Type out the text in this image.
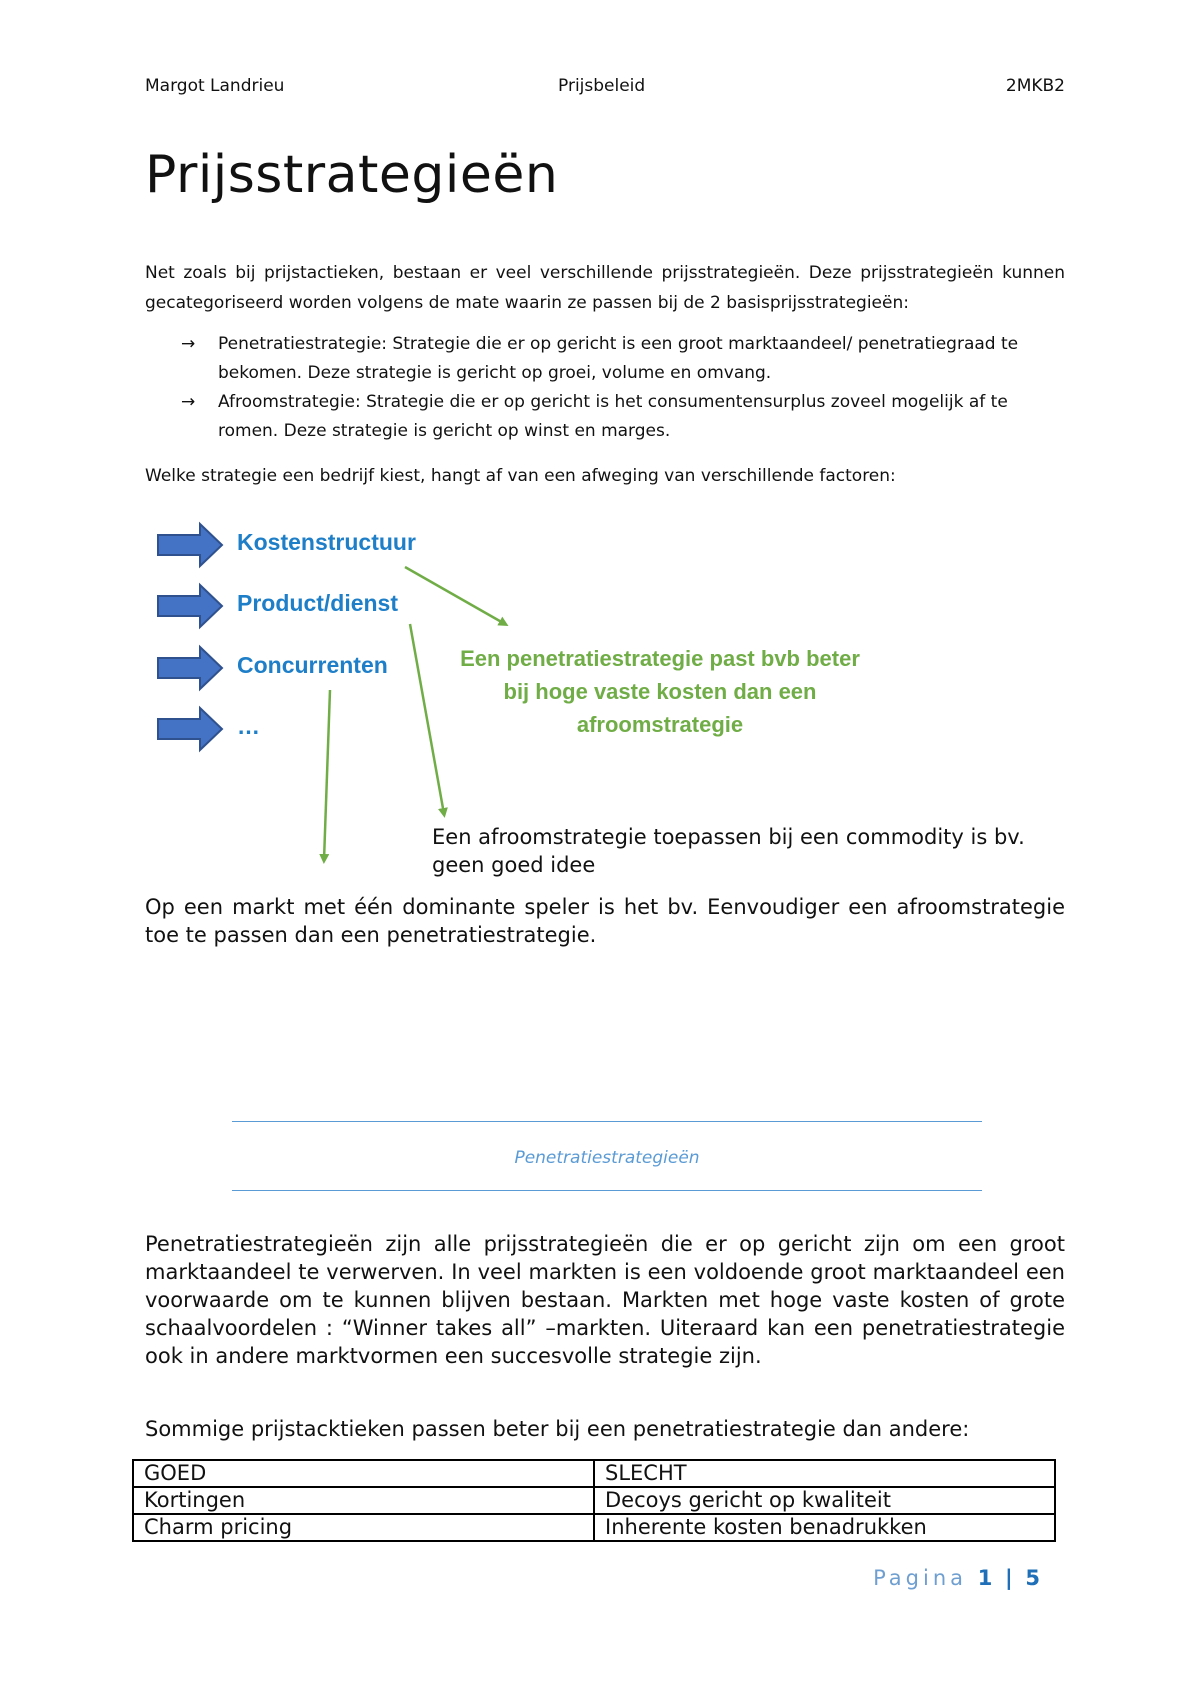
Margot Landrieu	Prijsbeleid	2MKB2
Prijsstrategieën

Net zoals bij prijstactieken, bestaan er veel verschillende prijsstrategieën. Deze prijsstrategieën kunnen gecategoriseerd worden volgens de mate waarin ze passen bij de 2 basisprijsstrategieën:

→ Penetratiestrategie: Strategie die er op gericht is een groot marktaandeel/ penetratiegraad te bekomen. Deze strategie is gericht op groei, volume en omvang.
→ Afroomstrategie: Strategie die er op gericht is het consumentensurplus zoveel mogelijk af te romen. Deze strategie is gericht op winst en marges.

Welke strategie een bedrijf kiest, hangt af van een afweging van verschillende factoren:

Kostenstructuur
Product/dienst
Concurrenten
…
Een penetratiestrategie past bvb beter bij hoge vaste kosten dan een afroomstrategie

Een afroomstrategie toepassen bij een commodity is bv. geen goed idee

Op een markt met één dominante speler is het bv. Eenvoudiger een afroomstrategie toe te passen dan een penetratiestrategie.

Penetratiestrategieën

Penetratiestrategieën zijn alle prijsstrategieën die er op gericht zijn om een groot marktaandeel te verwerven. In veel markten is een voldoende groot marktaandeel een voorwaarde om te kunnen blijven bestaan. Markten met hoge vaste kosten of grote schaalvoordelen : “Winner takes all” –markten. Uiteraard kan een penetratiestrategie ook in andere marktvormen een succesvolle strategie zijn.

Sommige prijstacktieken passen beter bij een penetratiestrategie dan andere:

GOED	SLECHT
Kortingen	Decoys gericht op kwaliteit
Charm pricing	Inherente kosten benadrukken
Pagina 1 | 5
